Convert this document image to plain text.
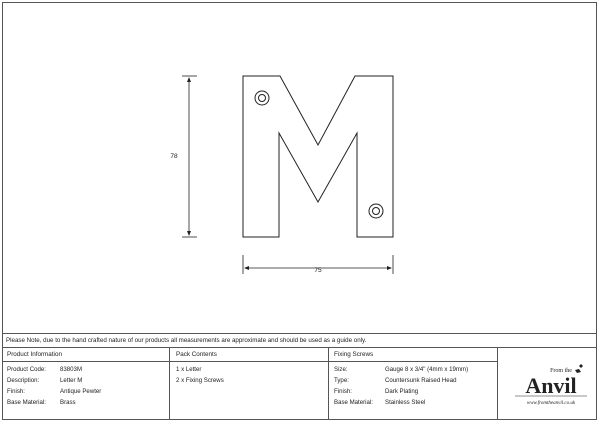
78
75
Please Note, due to the hand crafted nature of our products all measurements are approximate and should be used as a guide only.
Product Information
Product Code: 83803M
Description:	Letter M
Finish:	Antique Pewter
Base Material: Brass
Pack Contents
1 x Letter
2 x Fixing Screws
Fixing Screws
Size:	Gauge 8 x 3/4" (4mm x 19mm)
Type:	Countersunk Raised Head
Finish:	Dark Plating
Base Material: Stainless Steel
From the
Anvil
www.fromtheanvil.co.uk
